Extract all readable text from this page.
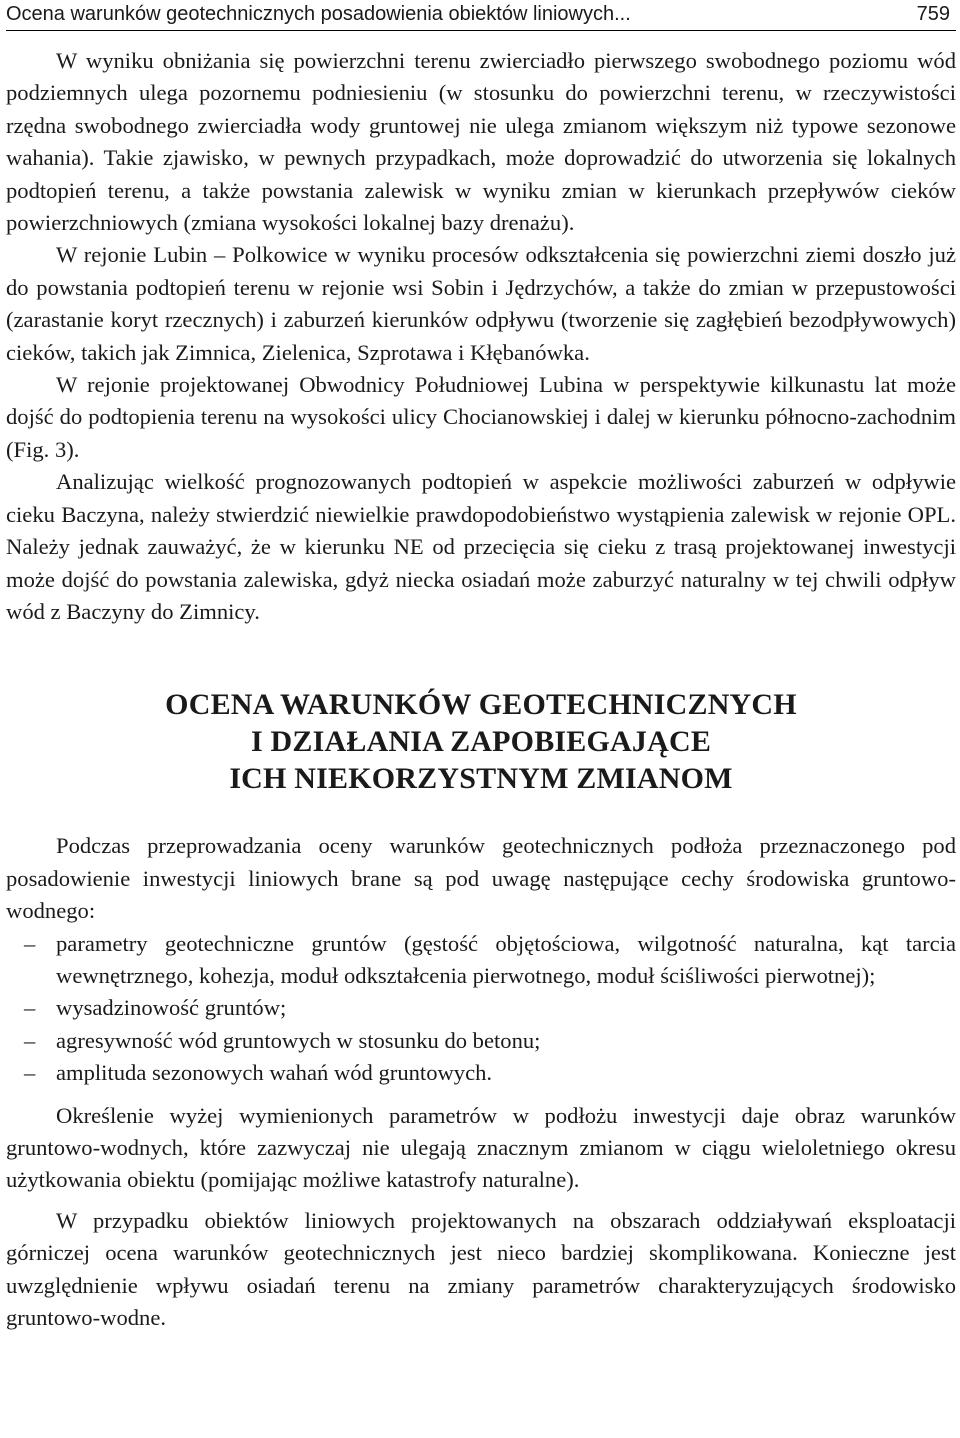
Ocena warunków geotechnicznych posadowienia obiektów liniowych...	759

W wyniku obniżania się powierzchni terenu zwierciadło pierwszego swobodnego poziomu wód podziemnych ulega pozornemu podniesieniu (w stosunku do powierzchni terenu, w rzeczywistości rzędna swobodnego zwierciadła wody gruntowej nie ulega zmianom większym niż typowe sezonowe wahania). Takie zjawisko, w pewnych przypadkach, może doprowadzić do utworzenia się lokalnych podtopień terenu, a także powstania zalewisk w wyniku zmian w kierunkach przepływów cieków powierzchniowych (zmiana wysokości lokalnej bazy drenażu).

W rejonie Lubin – Polkowice w wyniku procesów odkształcenia się powierzchni ziemi doszło już do powstania podtopień terenu w rejonie wsi Sobin i Jędrzychów, a także do zmian w przepustowości (zarastanie koryt rzecznych) i zaburzeń kierunków odpływu (tworzenie się zagłębień bezodpływowych) cieków, takich jak Zimnica, Zielenica, Szprotawa i Kłębanówka.

W rejonie projektowanej Obwodnicy Południowej Lubina w perspektywie kilkunastu lat może dojść do podtopienia terenu na wysokości ulicy Chocianowskiej i dalej w kierunku północno-zachodnim (Fig. 3).

Analizując wielkość prognozowanych podtopień w aspekcie możliwości zaburzeń w odpływie cieku Baczyna, należy stwierdzić niewielkie prawdopodobieństwo wystąpienia zalewisk w rejonie OPL. Należy jednak zauważyć, że w kierunku NE od przecięcia się cieku z trasą projektowanej inwestycji może dojść do powstania zalewiska, gdyż niecka osiadań może zaburzyć naturalny w tej chwili odpływ wód z Baczyny do Zimnicy.

OCENA WARUNKÓW GEOTECHNICZNYCH
I DZIAŁANIA ZAPOBIEGAJĄCE
ICH NIEKORZYSTNYM ZMIANOM

Podczas przeprowadzania oceny warunków geotechnicznych podłoża przeznaczonego pod posadowienie inwestycji liniowych brane są pod uwagę następujące cechy środowiska gruntowo-wodnego:

– parametry geotechniczne gruntów (gęstość objętościowa, wilgotność naturalna, kąt tarcia wewnętrznego, kohezja, moduł odkształcenia pierwotnego, moduł ściśliwości pierwotnej);
– wysadzinowość gruntów;
– agresywność wód gruntowych w stosunku do betonu;
– amplituda sezonowych wahań wód gruntowych.

Określenie wyżej wymienionych parametrów w podłożu inwestycji daje obraz warunków gruntowo-wodnych, które zazwyczaj nie ulegają znacznym zmianom w ciągu wieloletniego okresu użytkowania obiektu (pomijając możliwe katastrofy naturalne).

W przypadku obiektów liniowych projektowanych na obszarach oddziaływań eksploatacji górniczej ocena warunków geotechnicznych jest nieco bardziej skomplikowana. Konieczne jest uwzględnienie wpływu osiadań terenu na zmiany parametrów charakteryzujących środowisko gruntowo-wodne.
